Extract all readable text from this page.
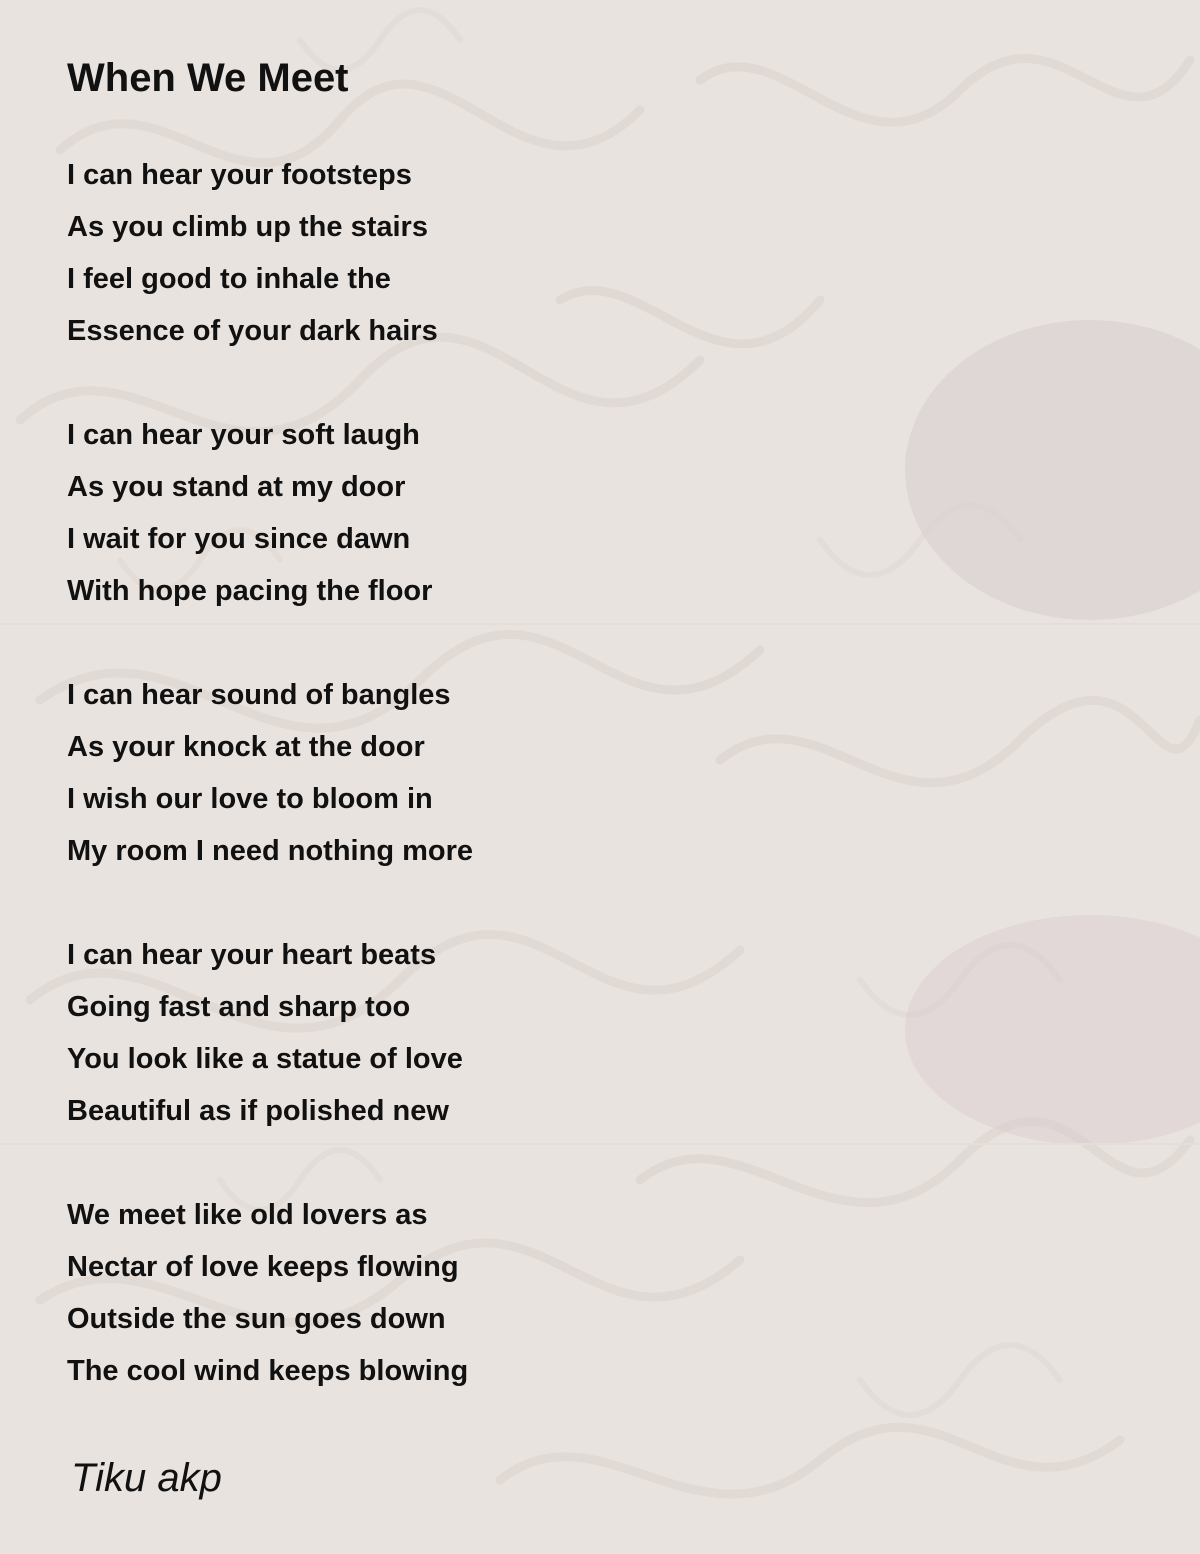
When We Meet
I can hear your footsteps
As you climb up the stairs
I feel good to inhale the
Essence of your dark hairs
I can hear your soft laugh
As you stand at my door
I wait for you since dawn
With hope pacing the floor
I can hear sound of bangles
As your knock at the door
I wish our love to bloom in
My room I need nothing more
I can hear your heart beats
Going fast and sharp too
You look like a statue of love
Beautiful as if polished new
We meet like old lovers as
Nectar of love keeps flowing
Outside the sun goes down
The cool wind keeps blowing
Tiku akp
